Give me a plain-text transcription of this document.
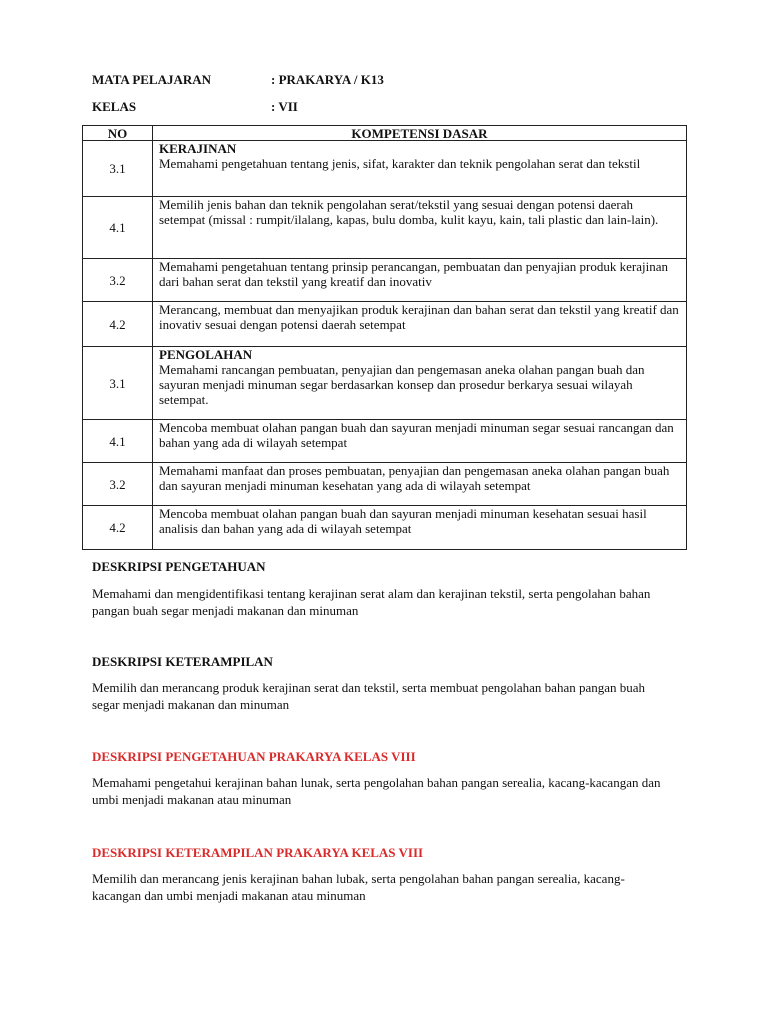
MATA PELAJARAN	: PRAKARYA / K13
KELAS	: VII
NO	KOMPETENSI DASAR
3.1	KERAJINAN
Memahami pengetahuan tentang jenis, sifat, karakter dan teknik pengolahan serat dan tekstil
4.1	Memilih jenis bahan dan teknik pengolahan serat/tekstil yang sesuai dengan potensi daerah setempat (missal : rumpit/ilalang, kapas, bulu domba, kulit kayu, kain, tali plastic dan lain-lain).
3.2	Memahami pengetahuan tentang prinsip perancangan, pembuatan dan penyajian produk kerajinan dari bahan serat dan tekstil yang kreatif dan inovativ
4.2	Merancang, membuat dan menyajikan produk kerajinan dan bahan serat dan tekstil yang kreatif dan inovativ sesuai dengan potensi daerah setempat
3.1	PENGOLAHAN
Memahami rancangan pembuatan, penyajian dan pengemasan aneka olahan pangan buah dan sayuran menjadi minuman segar berdasarkan konsep dan prosedur berkarya sesuai wilayah setempat.
4.1	Mencoba membuat olahan pangan buah dan sayuran menjadi minuman segar sesuai rancangan dan bahan yang ada di wilayah setempat
3.2	Memahami manfaat dan proses pembuatan, penyajian dan pengemasan aneka olahan pangan buah dan sayuran menjadi minuman kesehatan yang ada di wilayah setempat
4.2	Mencoba membuat olahan pangan buah dan sayuran menjadi minuman kesehatan sesuai hasil analisis dan bahan yang ada di wilayah setempat
DESKRIPSI PENGETAHUAN
Memahami dan mengidentifikasi tentang kerajinan serat alam dan kerajinan tekstil, serta pengolahan bahan pangan buah segar menjadi makanan dan minuman
DESKRIPSI KETERAMPILAN
Memilih dan merancang produk kerajinan serat dan tekstil, serta membuat pengolahan bahan pangan buah segar menjadi makanan dan minuman
DESKRIPSI PENGETAHUAN PRAKARYA KELAS VIII
Memahami pengetahui kerajinan bahan lunak, serta pengolahan bahan pangan serealia, kacang-kacangan dan umbi menjadi makanan atau minuman
DESKRIPSI KETERAMPILAN PRAKARYA KELAS VIII
Memilih dan merancang jenis kerajinan bahan lubak, serta pengolahan bahan pangan serealia, kacang-kacangan dan umbi menjadi makanan atau minuman
